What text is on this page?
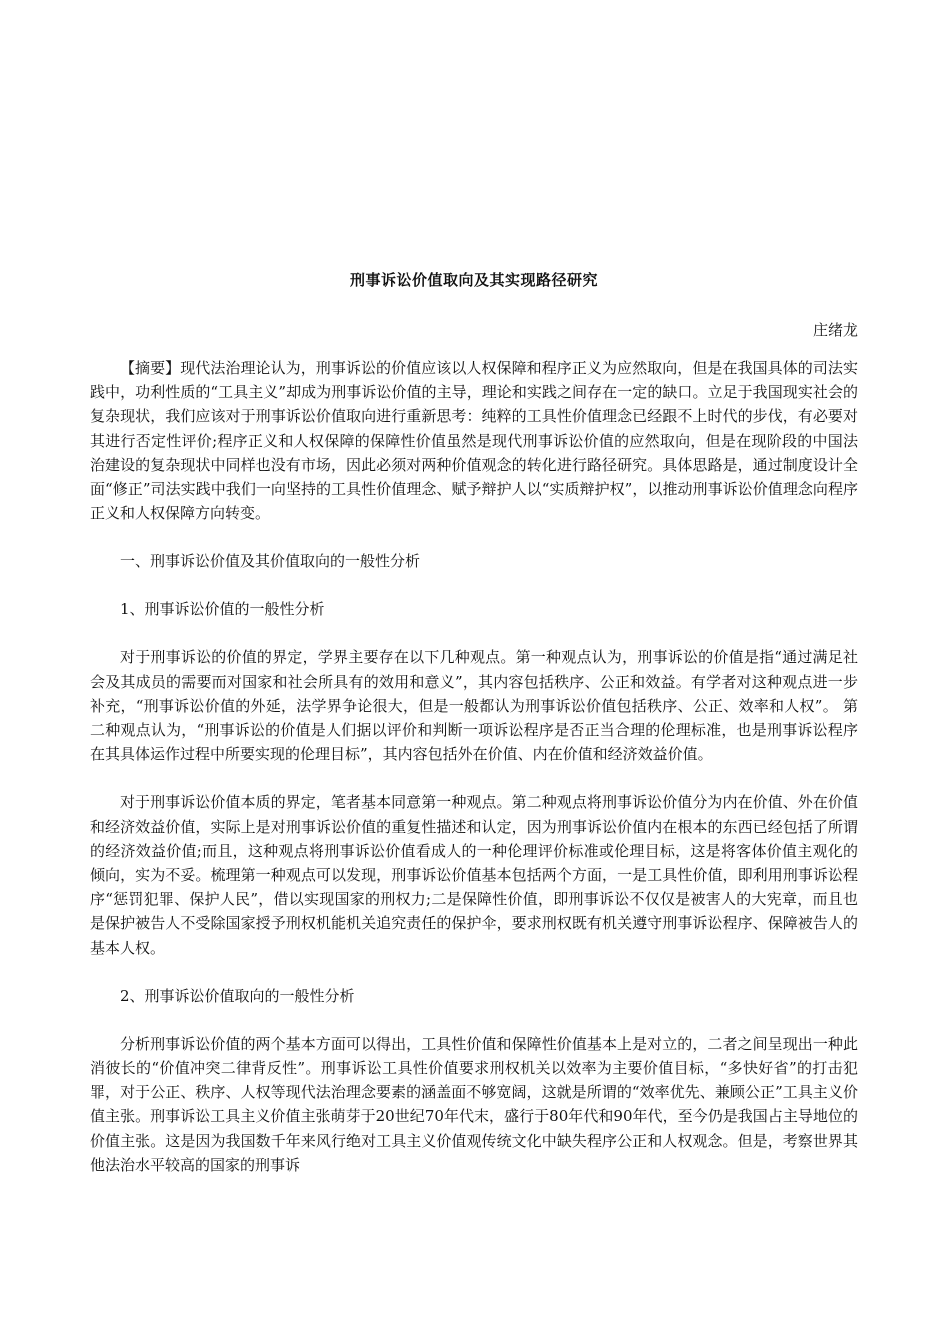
刑事诉讼价值取向及其实现路径研究
庄绪龙

【摘要】现代法治理论认为，刑事诉讼的价值应该以人权保障和程序正义为应然取向，但是在我国具体的司法实践中，功利性质的“工具主义”却成为刑事诉讼价值的主导，理论和实践之间存在一定的缺口。立足于我国现实社会的复杂现状，我们应该对于刑事诉讼价值取向进行重新思考：纯粹的工具性价值理念已经跟不上时代的步伐，有必要对其进行否定性评价;程序正义和人权保障的保障性价值虽然是现代刑事诉讼价值的应然取向，但是在现阶段的中国法治建设的复杂现状中同样也没有市场，因此必须对两种价值观念的转化进行路径研究。具体思路是，通过制度设计全面“修正”司法实践中我们一向坚持的工具性价值理念、赋予辩护人以“实质辩护权”，以推动刑事诉讼价值理念向程序正义和人权保障方向转变。

一、刑事诉讼价值及其价值取向的一般性分析

1、刑事诉讼价值的一般性分析

对于刑事诉讼的价值的界定，学界主要存在以下几种观点。第一种观点认为，刑事诉讼的价值是指“通过满足社会及其成员的需要而对国家和社会所具有的效用和意义”，其内容包括秩序、公正和效益。有学者对这种观点进一步补充，“刑事诉讼价值的外延，法学界争论很大，但是一般都认为刑事诉讼价值包括秩序、公正、效率和人权”。 第二种观点认为，“刑事诉讼的价值是人们据以评价和判断一项诉讼程序是否正当合理的伦理标准，也是刑事诉讼程序在其具体运作过程中所要实现的伦理目标”，其内容包括外在价值、内在价值和经济效益价值。

对于刑事诉讼价值本质的界定，笔者基本同意第一种观点。第二种观点将刑事诉讼价值分为内在价值、外在价值和经济效益价值，实际上是对刑事诉讼价值的重复性描述和认定，因为刑事诉讼价值内在根本的东西已经包括了所谓的经济效益价值;而且，这种观点将刑事诉讼价值看成人的一种伦理评价标准或伦理目标，这是将客体价值主观化的倾向，实为不妥。梳理第一种观点可以发现，刑事诉讼价值基本包括两个方面，一是工具性价值，即利用刑事诉讼程序“惩罚犯罪、保护人民”，借以实现国家的刑权力;二是保障性价值，即刑事诉讼不仅仅是被害人的大宪章，而且也是保护被告人不受除国家授予刑权机能机关追究责任的保护伞，要求刑权既有机关遵守刑事诉讼程序、保障被告人的基本人权。

2、刑事诉讼价值取向的一般性分析

分析刑事诉讼价值的两个基本方面可以得出，工具性价值和保障性价值基本上是对立的，二者之间呈现出一种此消彼长的“价值冲突二律背反性”。刑事诉讼工具性价值要求刑权机关以效率为主要价值目标，“多快好省”的打击犯罪，对于公正、秩序、人权等现代法治理念要素的涵盖面不够宽阔，这就是所谓的“效率优先、兼顾公正”工具主义价值主张。刑事诉讼工具主义价值主张萌芽于20世纪70年代末，盛行于80年代和90年代，至今仍是我国占主导地位的价值主张。这是因为我国数千年来风行绝对工具主义价值观传统文化中缺失程序公正和人权观念。但是，考察世界其他法治水平较高的国家的刑事诉
